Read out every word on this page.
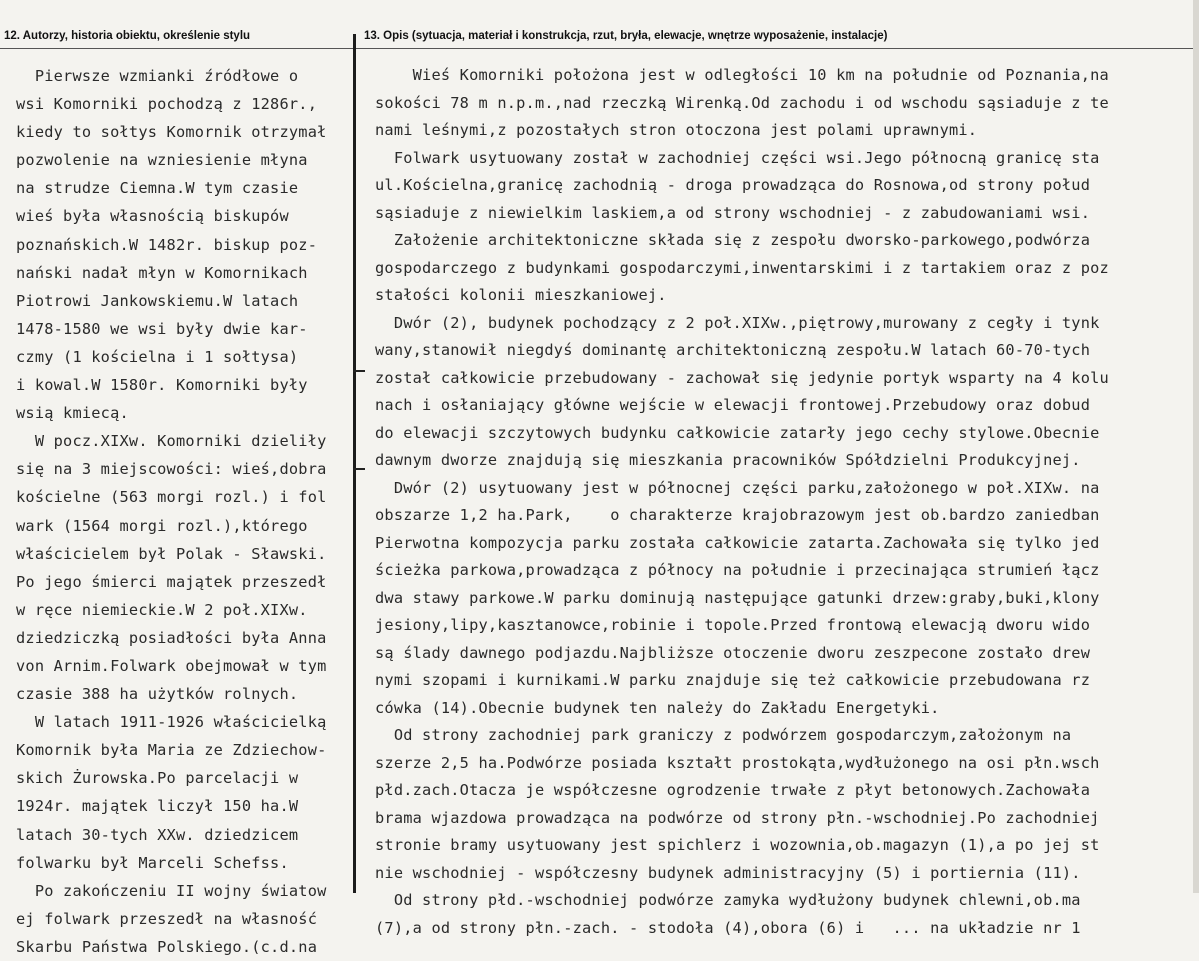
12. Autorzy, historia obiektu, określenie stylu	13. Opis (sytuacja, materiał i konstrukcja, rzut, bryła, elewacje, wnętrze wyposażenie, instalacje)
Pierwsze wzmianki źródłowe o
wsi Komorniki pochodzą z 1286r.,
kiedy to sołtys Komornik otrzymał
pozwolenie na wzniesienie młyna
na strudze Ciemna.W tym czasie
wieś była własnością biskupów
poznańskich.W 1482r. biskup poz-
nański nadał młyn w Komornikach
Piotrowi Jankowskiemu.W latach
1478-1580 we wsi były dwie kar-
czmy (1 kościelna i 1 sołtysa)
i kowal.W 1580r. Komorniki były
wsią kmiecą.
W pocz.XIXw. Komorniki dzieliły
się na 3 miejscowości: wieś,dobra
kościelne (563 morgi rozl.) i fol
wark (1564 morgi rozl.),którego
właścicielem był Polak - Sławski.
Po jego śmierci majątek przeszedł
w ręce niemieckie.W 2 poł.XIXw.
dziedziczką posiadłości była Anna
von Arnim.Folwark obejmował w tym
czasie 388 ha użytków rolnych.
W latach 1911-1926 właścicielką
Komornik była Maria ze Zdziechow-
skich Żurowska.Po parcelacji w
1924r. majątek liczył 150 ha.W
latach 30-tych XXw. dziedzicem
folwarku był Marceli Schefss.
Po zakończeniu II wojny światow
ej folwark przeszedł na własność
Skarbu Państwa Polskiego.(c.d.na
Wieś Komorniki położona jest w odległości 10 km na południe od Poznania,na
sokości 78 m n.p.m.,nad rzeczką Wirenką.Od zachodu i od wschodu sąsiaduje z te
nami leśnymi,z pozostałych stron otoczona jest polami uprawnymi.
Folwark usytuowany został w zachodniej części wsi.Jego północną granicę sta
ul.Kościelna,granicę zachodnią - droga prowadząca do Rosnowa,od strony połud
sąsiaduje z niewielkim laskiem,a od strony wschodniej - z zabudowaniami wsi.
Założenie architektoniczne składa się z zespołu dworsko-parkowego,podwórza
gospodarczego z budynkami gospodarczymi,inwentarskimi i z tartakiem oraz z poz
stałości kolonii mieszkaniowej.
Dwór (2), budynek pochodzący z 2 poł.XIXw.,piętrowy,murowany z cegły i tynk
wany,stanowił niegdyś dominantę architektoniczną zespołu.W latach 60-70-tych
został całkowicie przebudowany - zachował się jedynie portyk wsparty na 4 kolu
nach i osłaniający główne wejście w elewacji frontowej.Przebudowy oraz dobud
do elewacji szczytowych budynku całkowicie zatarły jego cechy stylowe.Obecnie
dawnym dworze znajdują się mieszkania pracowników Spółdzielni Produkcyjnej.
Dwór (2) usytuowany jest w północnej części parku,założonego w poł.XIXw. na
obszarze 1,2 ha.Park,    o charakterze krajobrazowym jest ob.bardzo zaniedban
Pierwotna kompozycja parku została całkowicie zatarta.Zachowała się tylko jed
ścieżka parkowa,prowadząca z północy na południe i przecinająca strumień łącz
dwa stawy parkowe.W parku dominują następujące gatunki drzew:graby,buki,klony
jesiony,lipy,kasztanowce,robinie i topole.Przed frontową elewacją dworu wido
są ślady dawnego podjazdu.Najbliższe otoczenie dworu zeszpecone zostało drew
nymi szopami i kurnikami.W parku znajduje się też całkowicie przebudowana rz
cówka (14).Obecnie budynek ten należy do Zakładu Energetyki.
Od strony zachodniej park graniczy z podwórzem gospodarczym,założonym na
szerze 2,5 ha.Podwórze posiada kształt prostokąta,wydłużonego na osi płn.wsch
płd.zach.Otacza je współczesne ogrodzenie trwałe z płyt betonowych.Zachowała
brama wjazdowa prowadząca na podwórze od strony płn.-wschodniej.Po zachodniej
stronie bramy usytuowany jest spichlerz i wozownia,ob.magazyn (1),a po jej st
nie wschodniej - współczesny budynek administracyjny (5) i portiernia (11).
Od strony płd.-wschodniej podwórze zamyka wydłużony budynek chlewni,ob.ma
(7),a od strony płn.-zach. - stodoła (4),obora (6) i   ... na układzie nr 1
